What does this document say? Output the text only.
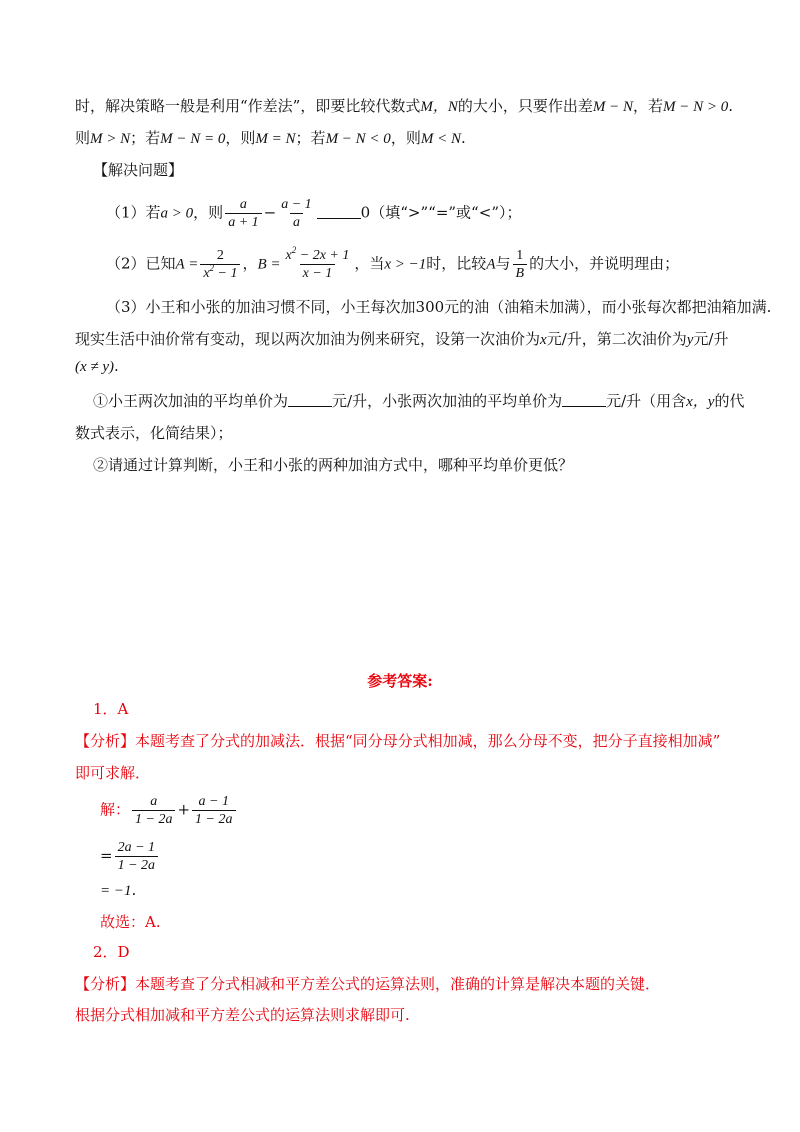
时，解决策略一般是利用“作差法”，即要比较代数式M，N的大小，只要作出差M − N，若M − N > 0.
则M > N；若M − N = 0，则M = N；若M − N < 0，则M < N.
【解决问题】
（1）若a > 0，则 $\frac{a}{a + 1} - \frac{a - 1}{a}$	0（填“>”“=”或“<”）；
（2）已知$A = \frac{2}{x^2 - 1}$ ，$B = \frac{x^2 - 2x + 1}{x - 1}$ ，当x > −1时，比较A与 $\frac{1}{B}$ 的大小，并说明理由；
（3）小王和小张的加油习惯不同，小王每次加300元的油（油箱未加满），而小张每次都把油箱加满.
现实生活中油价常有变动，现以两次加油为例来研究，设第一次油价为x元/升，第二次油价为y元/升
(x ≠ y).
①小王两次加油的平均单价为	元/升，小张两次加油的平均单价为	元/升（用含x，y的代
数式表示，化简结果）；
②请通过计算判断，小王和小张的两种加油方式中，哪种平均单价更低？
参考答案:
1．A
【分析】本题考查了分式的加减法．根据“同分母分式相加减，那么分母不变，把分子直接相加减”
即可求解．
解： $\frac{a}{1 - 2a} + \frac{a - 1}{1 - 2a}$
= $\frac{2a - 1}{1 - 2a}$
= −1.
故选：A.
2．D
【分析】本题考查了分式相减和平方差公式的运算法则，准确的计算是解决本题的关键．
根据分式相加减和平方差公式的运算法则求解即可.
